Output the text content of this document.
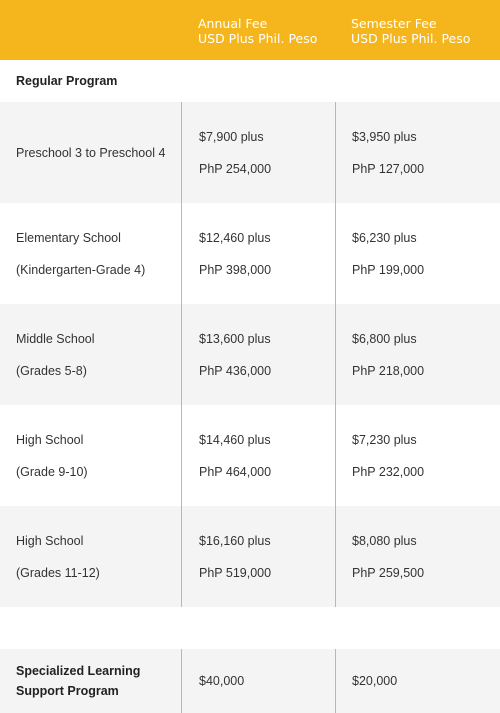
Annual Fee
USD Plus Phil. Peso
Semester Fee
USD Plus Phil. Peso
Regular Program
Preschool 3 to Preschool 4
$7,900 plus
PhP 254,000
$3,950 plus
PhP 127,000
Elementary School
(Kindergarten-Grade 4)
$12,460 plus
PhP 398,000
$6,230 plus
PhP 199,000
Middle School
(Grades 5-8)
$13,600 plus
PhP 436,000
$6,800 plus
PhP 218,000
High School
(Grade 9-10)
$14,460 plus
PhP 464,000
$7,230 plus
PhP 232,000
High School
(Grades 11-12)
$16,160 plus
PhP 519,000
$8,080 plus
PhP 259,500
Specialized Learning
Support Program
$40,000	$20,000
